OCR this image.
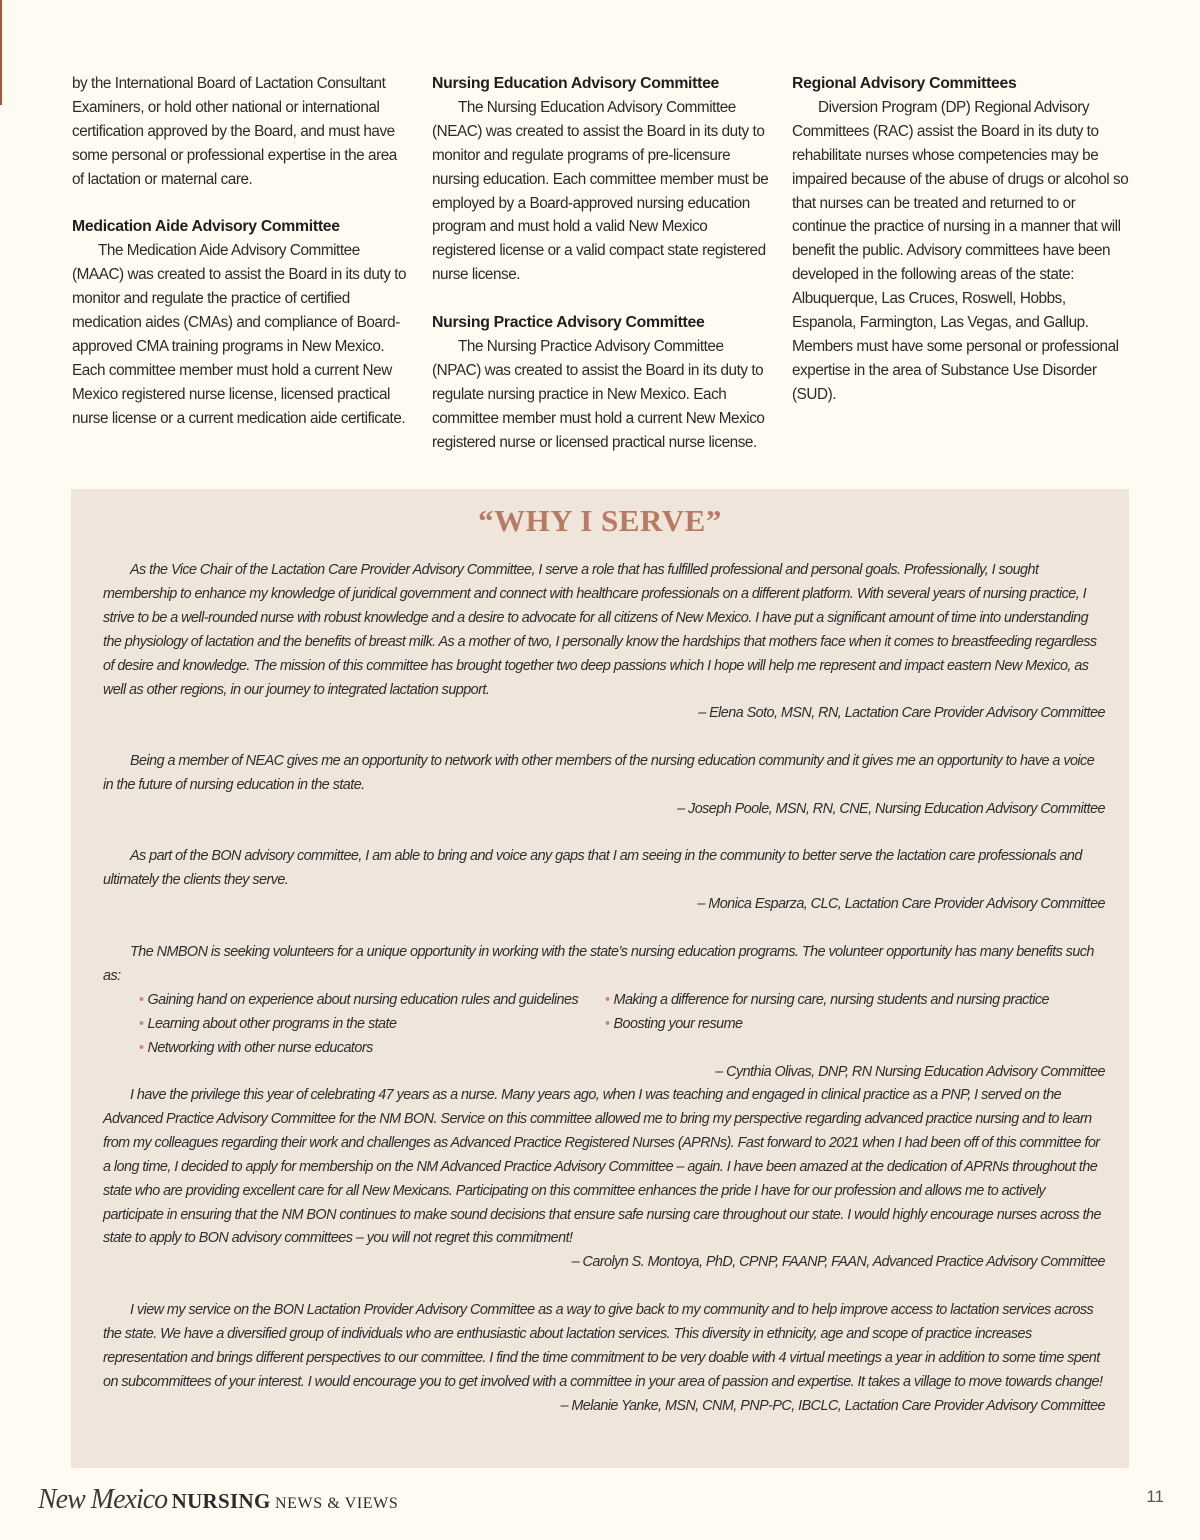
by the International Board of Lactation Consultant Examiners, or hold other national or international certification approved by the Board, and must have some personal or professional expertise in the area of lactation or maternal care.

Medication Aide Advisory Committee

The Medication Aide Advisory Committee (MAAC) was created to assist the Board in its duty to monitor and regulate the practice of certified medication aides (CMAs) and compliance of Board-approved CMA training programs in New Mexico. Each committee member must hold a current New Mexico registered nurse license, licensed practical nurse license or a current medication aide certificate.

Nursing Education Advisory Committee

The Nursing Education Advisory Committee (NEAC) was created to assist the Board in its duty to monitor and regulate programs of pre-licensure nursing education. Each committee member must be employed by a Board-approved nursing education program and must hold a valid New Mexico registered license or a valid compact state registered nurse license.

Nursing Practice Advisory Committee

The Nursing Practice Advisory Committee (NPAC) was created to assist the Board in its duty to regulate nursing practice in New Mexico. Each committee member must hold a current New Mexico registered nurse or licensed practical nurse license.

Regional Advisory Committees

Diversion Program (DP) Regional Advisory Committees (RAC) assist the Board in its duty to rehabilitate nurses whose competencies may be impaired because of the abuse of drugs or alcohol so that nurses can be treated and returned to or continue the practice of nursing in a manner that will benefit the public. Advisory committees have been developed in the following areas of the state: Albuquerque, Las Cruces, Roswell, Hobbs, Espanola, Farmington, Las Vegas, and Gallup. Members must have some personal or professional expertise in the area of Substance Use Disorder (SUD).

“WHY I SERVE”

As the Vice Chair of the Lactation Care Provider Advisory Committee, I serve a role that has fulfilled professional and personal goals. Professionally, I sought membership to enhance my knowledge of juridical government and connect with healthcare professionals on a different platform. With several years of nursing practice, I strive to be a well-rounded nurse with robust knowledge and a desire to advocate for all citizens of New Mexico. I have put a significant amount of time into understanding the physiology of lactation and the benefits of breast milk. As a mother of two, I personally know the hardships that mothers face when it comes to breastfeeding regardless of desire and knowledge. The mission of this committee has brought together two deep passions which I hope will help me represent and impact eastern New Mexico, as well as other regions, in our journey to integrated lactation support.

– Elena Soto, MSN, RN, Lactation Care Provider Advisory Committee

Being a member of NEAC gives me an opportunity to network with other members of the nursing education community and it gives me an opportunity to have a voice in the future of nursing education in the state.

– Joseph Poole, MSN, RN, CNE, Nursing Education Advisory Committee

As part of the BON advisory committee, I am able to bring and voice any gaps that I am seeing in the community to better serve the lactation care professionals and ultimately the clients they serve.

– Monica Esparza, CLC, Lactation Care Provider Advisory Committee

The NMBON is seeking volunteers for a unique opportunity in working with the state’s nursing education programs. The volunteer opportunity has many benefits such as:

• Gaining hand on experience about nursing education rules and guidelines	• Making a difference for nursing care, nursing students and nursing practice
• Learning about other programs in the state	• Boosting your resume
• Networking with other nurse educators

– Cynthia Olivas, DNP, RN Nursing Education Advisory Committee

I have the privilege this year of celebrating 47 years as a nurse. Many years ago, when I was teaching and engaged in clinical practice as a PNP, I served on the Advanced Practice Advisory Committee for the NM BON. Service on this committee allowed me to bring my perspective regarding advanced practice nursing and to learn from my colleagues regarding their work and challenges as Advanced Practice Registered Nurses (APRNs). Fast forward to 2021 when I had been off of this committee for a long time, I decided to apply for membership on the NM Advanced Practice Advisory Committee – again. I have been amazed at the dedication of APRNs throughout the state who are providing excellent care for all New Mexicans. Participating on this committee enhances the pride I have for our profession and allows me to actively participate in ensuring that the NM BON continues to make sound decisions that ensure safe nursing care throughout our state. I would highly encourage nurses across the state to apply to BON advisory committees – you will not regret this commitment!

– Carolyn S. Montoya, PhD, CPNP, FAANP, FAAN, Advanced Practice Advisory Committee

I view my service on the BON Lactation Provider Advisory Committee as a way to give back to my community and to help improve access to lactation services across the state. We have a diversified group of individuals who are enthusiastic about lactation services. This diversity in ethnicity, age and scope of practice increases representation and brings different perspectives to our committee. I find the time commitment to be very doable with 4 virtual meetings a year in addition to some time spent on subcommittees of your interest. I would encourage you to get involved with a committee in your area of passion and expertise. It takes a village to move towards change!

– Melanie Yanke, MSN, CNM, PNP-PC, IBCLC, Lactation Care Provider Advisory Committee

New Mexico NURSING NEWS & VIEWS	11
